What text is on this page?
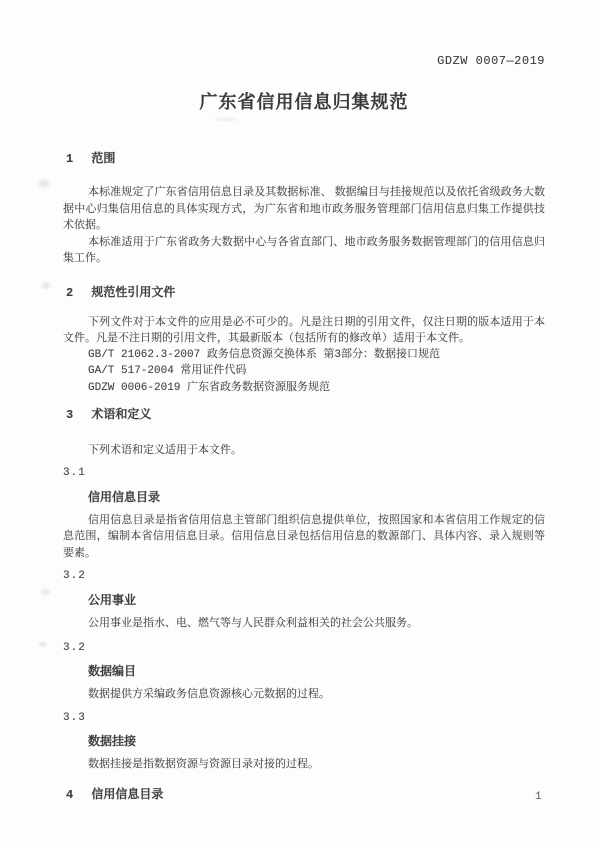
GDZW 0007—2019
广东省信用信息归集规范
1 范围

本标准规定了广东省信用信息目录及其数据标准、 数据编目与挂接规范以及依托省级政务大数据中心归集信用信息的具体实现方式，为广东省和地市政务服务管理部门信用信息归集工作提供技术依据。

本标准适用于广东省政务大数据中心与各省直部门、地市政务服务数据管理部门的信用信息归集工作。

2 规范性引用文件

下列文件对于本文件的应用是必不可少的。凡是注日期的引用文件，仅注日期的版本适用于本文件。凡是不注日期的引用文件，其最新版本（包括所有的修改单）适用于本文件。

GB/T 21062.3-2007 政务信息资源交换体系 第3部分：数据接口规范
GA/T 517-2004 常用证件代码
GDZW 0006-2019 广东省政务数据资源服务规范
3 术语和定义

下列术语和定义适用于本文件。

3.1
信用信息目录

信用信息目录是指省信用信息主管部门组织信息提供单位，按照国家和本省信用工作规定的信息范围，编制本省信用信息目录。信用信息目录包括信用信息的数源部门、具体内容、录入规则等要素。

3.2
公用事业

公用事业是指水、电、燃气等与人民群众利益相关的社会公共服务。

3.2
数据编目

数据提供方采编政务信息资源核心元数据的过程。

3.3
数据挂接

数据挂接是指数据资源与资源目录对接的过程。

4 信用信息目录	1
